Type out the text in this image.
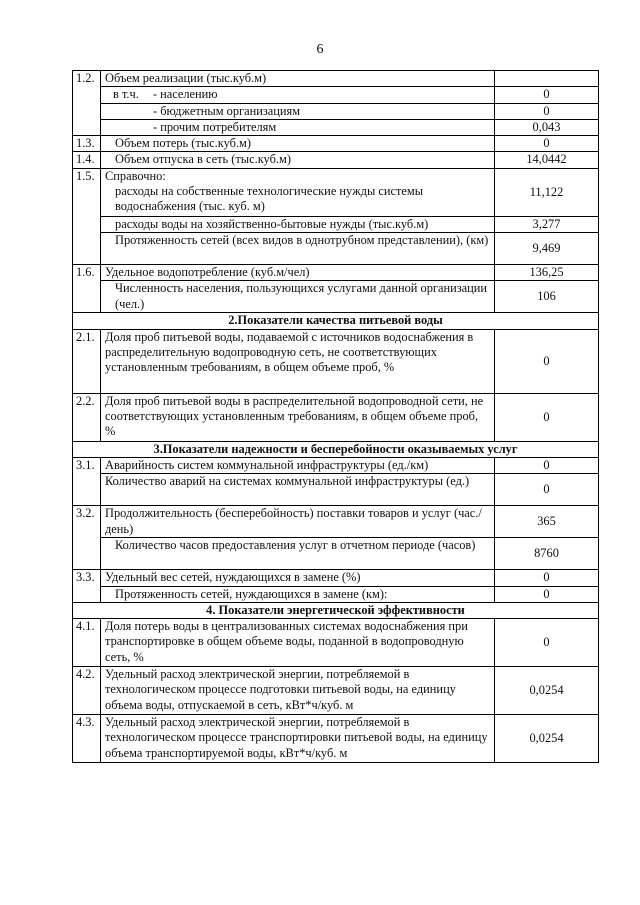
6
1.2.	Объем реализации (тыс.куб.м)	
	в т.ч. - населению	0
	- бюджетным организациям	0
	- прочим потребителям	0,043
1.3.	Объем потерь (тыс.куб.м)	0
1.4.	Объем отпуска в сеть (тыс.куб.м)	14,0442
1.5.	Справочно:
расходы на собственные технологические нужды системы водоснабжения (тыс. куб. м)	11,122
	расходы воды на хозяйственно-бытовые нужды (тыс.куб.м)	3,277
	Протяженность сетей (всех видов в однотрубном представлении), (км)	9,469
1.6.	Удельное водопотребление (куб.м/чел)	136,25
	Численность населения, пользующихся услугами данной организации (чел.)	106
2.Показатели качества питьевой воды		
2.1.	Доля проб питьевой воды, подаваемой с источников водоснабжения в распределительную водопроводную сеть, не соответствующих установленным требованиям, в общем объеме проб, %	0
2.2.	Доля проб питьевой воды в распределительной водопроводной сети, не соответствующих установленным требованиям, в общем объеме проб, %	0
3.Показатели надежности и бесперебойности оказываемых услуг		
3.1.	Аварийность систем коммунальной инфраструктуры (ед./км)	0
	Количество аварий на системах коммунальной инфраструктуры (ед.)	0
3.2.	Продолжительность (бесперебойность) поставки товаров и услуг (час./день)	365
	Количество часов предоставления услуг в отчетном периоде (часов)	8760
3.3.	Удельный вес сетей, нуждающихся в замене (%)	0
	Протяженность сетей, нуждающихся в замене (км):	0
4. Показатели энергетической эффективности		
4.1.	Доля потерь воды в централизованных системах водоснабжения при транспортировке в общем объеме воды, поданной в водопроводную сеть, %	0
4.2.	Удельный расход электрической энергии, потребляемой в технологическом процессе подготовки питьевой воды, на единицу объема воды, отпускаемой в сеть, кВт*ч/куб. м	0,0254
4.3.	Удельный расход электрической энергии, потребляемой в технологическом процессе транспортировки питьевой воды, на единицу объема транспортируемой воды, кВт*ч/куб. м	0,0254
